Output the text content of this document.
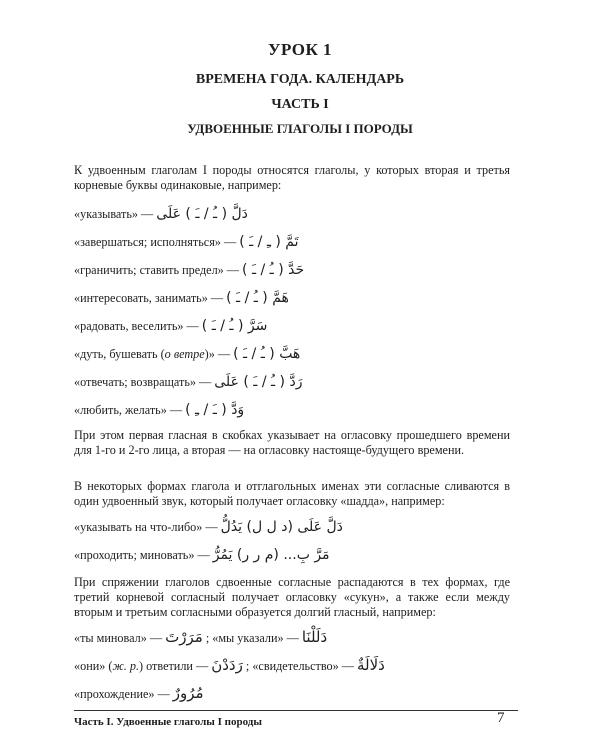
УРОК 1
ВРЕМЕНА ГОДА. КАЛЕНДАРЬ
ЧАСТЬ I
УДВОЕННЫЕ ГЛАГОЛЫ I ПОРОДЫ

К удвоенным глаголам I породы относятся глаголы, у которых вторая и третья корневые буквы одинаковые, например:

«указывать» — دَلَّ ( ـُ / ـَ ) عَلَى
«завершаться; исполняться» — تَمَّ ( ـِ / ـَ )
«граничить; ставить предел» — حَدَّ ( ـُ / ـَ )
«интересовать, занимать» — هَمَّ ( ـُ / ـَ )
«радовать, веселить» — سَرَّ ( ـُ / ـَ )
«дуть, бушевать (о ветре)» — هَبَّ ( ـُ / ـَ )
«отвечать; возвращать» — رَدَّ ( ـُ / ـَ ) عَلَى
«любить, желать» — وَدَّ ( ـَ / ـِ )

При этом первая гласная в скобках указывает на огласовку прошедшего времени для 1-го и 2-го лица, а вторая — на огласовку настояще-будущего времени.

В некоторых формах глагола и отглагольных именах эти согласные сливаются в один удвоенный звук, который получает огласовку «шадда», например:

«указывать на что-либо» — دَلَّ عَلَى (د ل ل) يَدُلُّ
«проходить; миновать» — مَرَّ بِ... (م ر ر) يَمُرُّ

При спряжении глаголов сдвоенные согласные распадаются в тех формах, где третий корневой согласный получает огласовку «сукун», а также если между вторым и третьим согласными образуется долгий гласный, например:

«ты миновал» — مَرَرْتَ ; «мы указали» — دَلَلْنَا
«они» (ж. р.) ответили — رَدَدْنَ ; «свидетельство» — دَلَالَةٌ
«прохождение» — مُرُورٌ
Часть I. Удвоенные глаголы I породы	7
